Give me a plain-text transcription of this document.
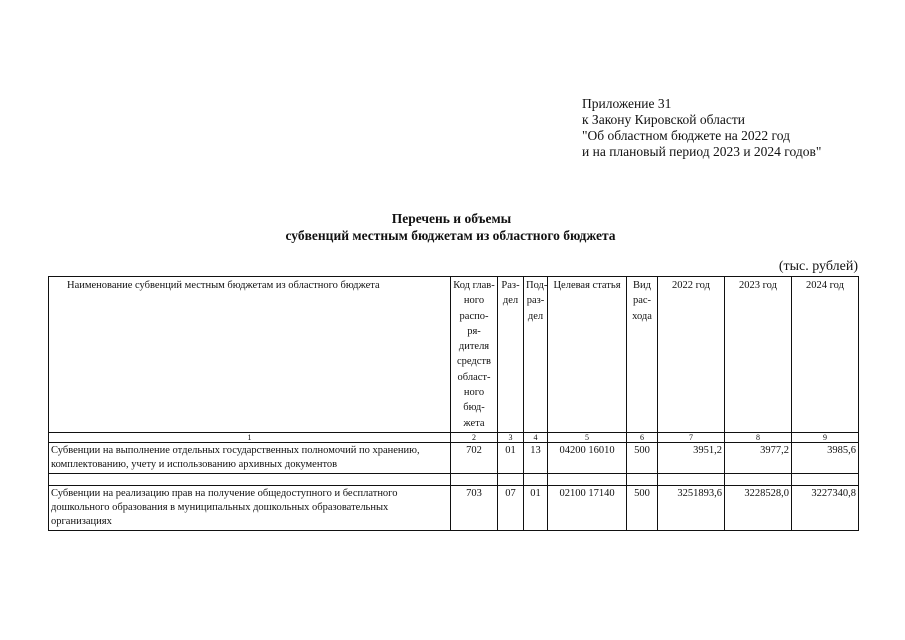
Приложение 31
к Закону Кировской области
"Об областном бюджете на 2022 год
и на плановый период 2023 и 2024 годов"
Перечень и объемы
субвенций местным бюджетам из областного бюджета
(тыс. рублей)
Наименование субвенций местным бюджетам из областного бюджета	Код глав- ного распо- ря- дителя средств област- ного бюд- жета	Раз- дел	Под- раз- дел	Целевая статья	Вид рас- хода	2022 год	2023 год	2024 год
1	2	3	4	5	6	7	8	9
Субвенции на выполнение отдельных государственных полномочий по хранению, комплектованию, учету и использованию архивных документов	702	01	13	04200 16010	500	3951,2	3977,2	3985,6

Субвенции на реализацию прав на получение общедоступного и бесплатного дошкольного образования в муниципальных дошкольных образовательных организациях	703	07	01	02100 17140	500	3251893,6	3228528,0	3227340,8
